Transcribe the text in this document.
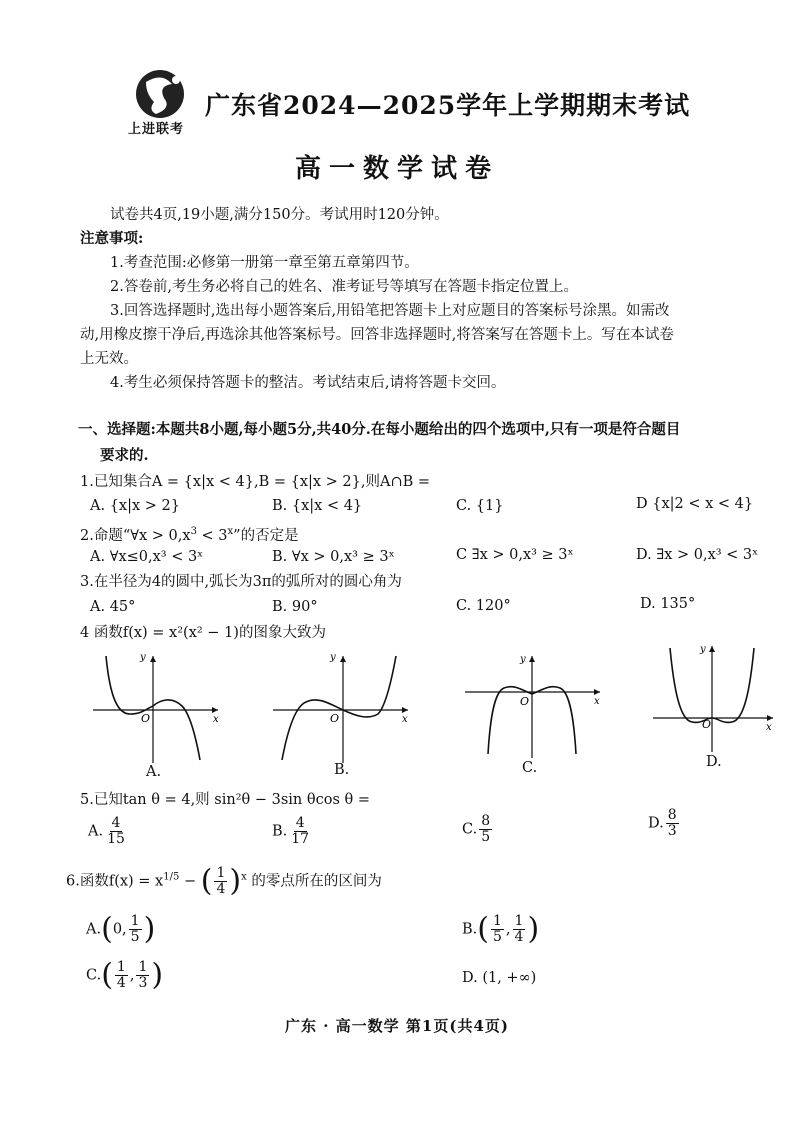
上进联考
广东省2024—2025学年上学期期末考试
高一数学试卷
试卷共4页,19小题,满分150分。考试用时120分钟。
注意事项:
1.考查范围:必修第一册第一章至第五章第四节。
2.答卷前,考生务必将自己的姓名、准考证号等填写在答题卡指定位置上。
3.回答选择题时,选出每小题答案后,用铅笔把答题卡上对应题目的答案标号涂黑。如需改
动,用橡皮擦干净后,再选涂其他答案标号。回答非选择题时,将答案写在答题卡上。写在本试卷
上无效。
4.考生必须保持答题卡的整洁。考试结束后,请将答题卡交回。
一、选择题:本题共8小题,每小题5分,共40分.在每小题给出的四个选项中,只有一项是符合题目
要求的.
1.已知集合A = {x|x < 4},B = {x|x > 2},则A∩B =
A. {x|x > 2}	B. {x|x < 4}	C. {1}	D {x|2 < x < 4}
2.命题“∀x > $0,x^3 < 3^x$”的否定是
A. ∀x≤0,x³ < 3ˣ	B. ∀x > 0,x³ ≥ 3ˣ	C ∃x > 0,x³ ≥ 3ˣ	D. ∃x > 0,x³ < 3ˣ
3.在半径为4的圆中,弧长为3π的弧所对的圆心角为
A. 45°	B. 90°	C. 120°	D. 135°
4 函数f(x) = x²(x² − 1)的图象大致为
y
x
O
A.
y
x
O
B.
y
x
O
C.
y
x
O
D.
5.已知tan θ = 4,则 sin²θ − 3sin θcos θ =
A. $\frac{4}{15}$	B. $\frac{4}{17}$	C. $\frac{8}{5}$	D. $\frac{8}{3}$
6.函数$f(x) = x^{1/5}$ − ( $\frac{1}{4} )^x$ 的零点所在的区间为
A.(0, $\frac{1}{5}$ )	$B.( \frac{1}{5}$ , $\frac{1}{4}$ )
$C.( \frac{1}{4}$ , $\frac{1}{3}$ )	D. (1, +∞)
广东 · 高一数学 第1页(共4页)
